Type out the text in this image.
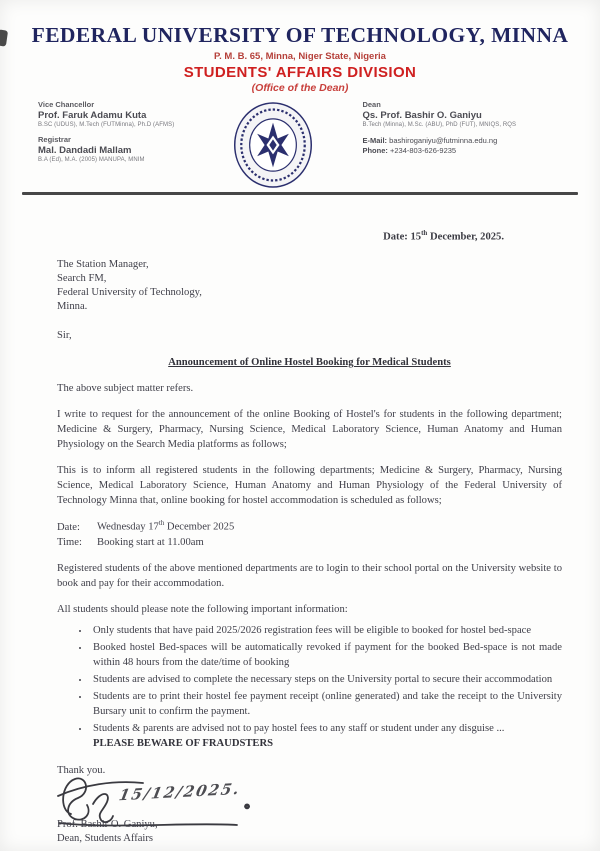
FEDERAL UNIVERSITY OF TECHNOLOGY, MINNA
P. M. B. 65, Minna, Niger State, Nigeria
STUDENTS' AFFAIRS DIVISION
(Office of the Dean)
Vice Chancellor
Prof. Faruk Adamu Kuta
B.SC (UDUS), M.Tech (FUTMinna), Ph.D (AFMS)
Registrar
Mal. Dandadi Mallam
B.A (Ed), M.A. (2005) MANUPA, MNIM
Dean
Qs. Prof. Bashir O. Ganiyu
B.Tech (Minna), M.Sc. (ABU), PhD (FUT), MNIQS, RQS
E-Mail: bashiroganiyu@futminna.edu.ng
Phone: +234-803-626-9235
Date: 15th December, 2025.
The Station Manager,
Search FM,
Federal University of Technology,
Minna.
Sir,
Announcement of Online Hostel Booking for Medical Students

The above subject matter refers.

I write to request for the announcement of the online Booking of Hostel's for students in the following department; Medicine & Surgery, Pharmacy, Nursing Science, Medical Laboratory Science, Human Anatomy and Human Physiology on the Search Media platforms as follows;

This is to inform all registered students in the following departments; Medicine & Surgery, Pharmacy, Nursing Science, Medical Laboratory Science, Human Anatomy and Human Physiology of the Federal University of Technology Minna that, online booking for hostel accommodation is scheduled as follows;

Date: Wednesday 17th December 2025
Time: Booking start at 11.00am

Registered students of the above mentioned departments are to login to their school portal on the University website to book and pay for their accommodation.

All students should please note the following important information:

• Only students that have paid 2025/2026 registration fees will be eligible to booked for hostel bed-space
• Booked hostel Bed-spaces will be automatically revoked if payment for the booked Bed-space is not made within 48 hours from the date/time of booking
• Students are advised to complete the necessary steps on the University portal to secure their accommodation
• Students are to print their hostel fee payment receipt (online generated) and take the receipt to the University Bursary unit to confirm the payment.
• Students & parents are advised not to pay hostel fees to any staff or student under any disguise ...
PLEASE BEWARE OF FRAUDSTERS
Thank you.
15/12/2025.
Prof. Bashir O. Ganiyu,
Dean, Students Affairs
